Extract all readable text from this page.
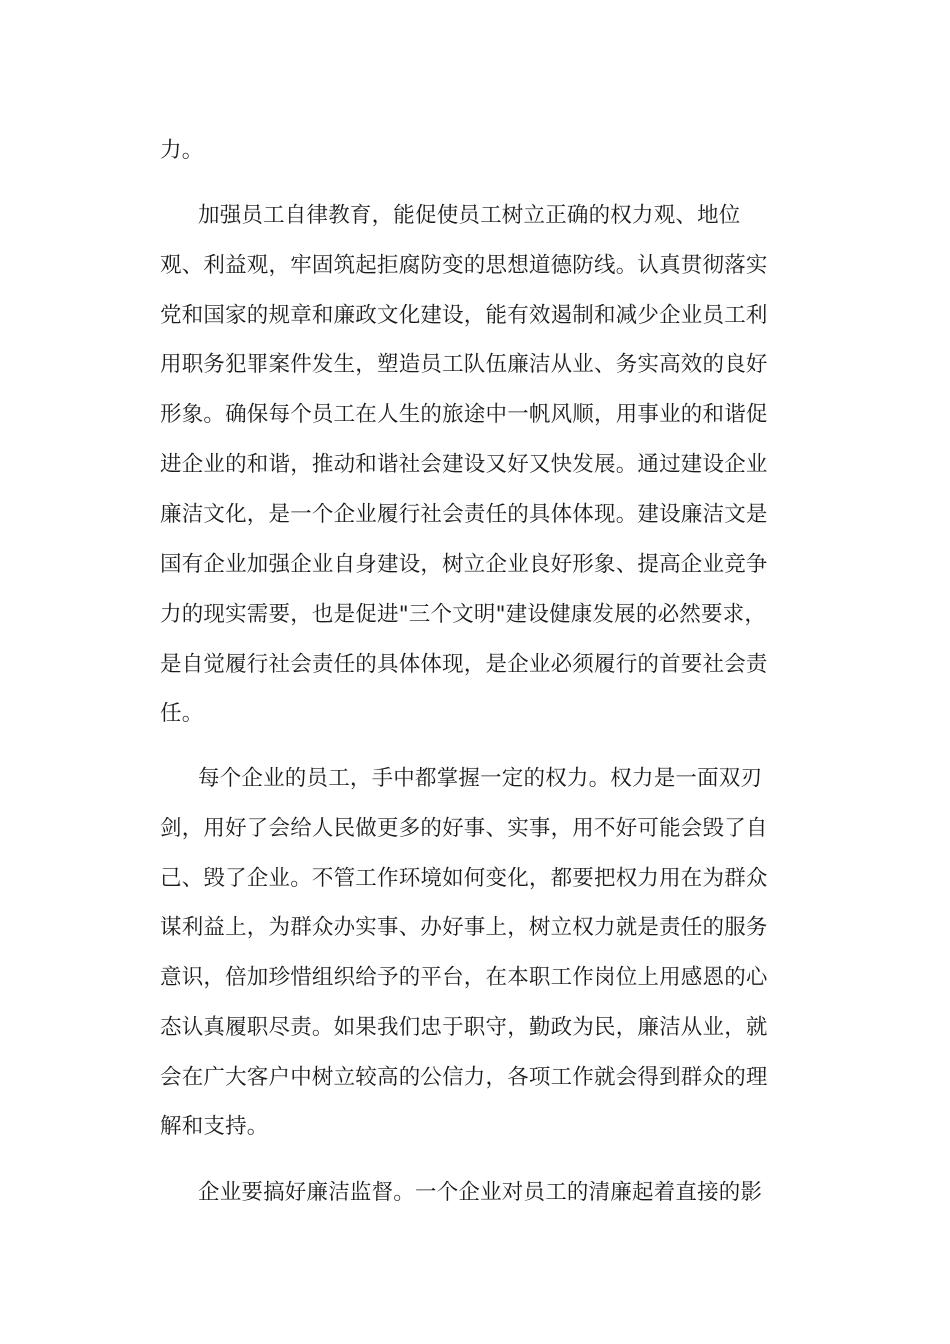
力。
加强员工自律教育，能促使员工树立正确的权力观、地位
观、利益观，牢固筑起拒腐防变的思想道德防线。认真贯彻落实
党和国家的规章和廉政文化建设，能有效遏制和减少企业员工利
用职务犯罪案件发生，塑造员工队伍廉洁从业、务实高效的良好
形象。确保每个员工在人生的旅途中一帆风顺，用事业的和谐促
进企业的和谐，推动和谐社会建设又好又快发展。通过建设企业
廉洁文化，是一个企业履行社会责任的具体体现。建设廉洁文是
国有企业加强企业自身建设，树立企业良好形象、提高企业竞争
力的现实需要，也是促进"三个文明"建设健康发展的必然要求，
是自觉履行社会责任的具体体现，是企业必须履行的首要社会责
任。
每个企业的员工，手中都掌握一定的权力。权力是一面双刃
剑，用好了会给人民做更多的好事、实事，用不好可能会毁了自
己、毁了企业。不管工作环境如何变化，都要把权力用在为群众
谋利益上，为群众办实事、办好事上，树立权力就是责任的服务
意识，倍加珍惜组织给予的平台，在本职工作岗位上用感恩的心
态认真履职尽责。如果我们忠于职守，勤政为民，廉洁从业，就
会在广大客户中树立较高的公信力，各项工作就会得到群众的理
解和支持。
企业要搞好廉洁监督。一个企业对员工的清廉起着直接的影
